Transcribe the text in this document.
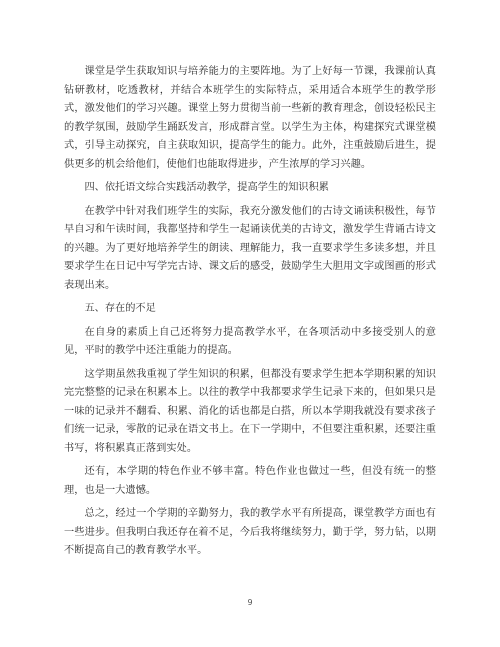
课堂是学生获取知识与培养能力的主要阵地。为了上好每一节课，我课前认真钻研教材，吃透教材，并结合本班学生的实际特点，采用适合本班学生的教学形式，激发他们的学习兴趣。课堂上努力贯彻当前一些新的教育理念，创设轻松民主的教学氛围，鼓励学生踊跃发言，形成群言堂。以学生为主体，构建探究式课堂模式，引导主动探究，自主获取知识，提高学生的能力。此外，注重鼓励后进生，提供更多的机会给他们，使他们也能取得进步，产生浓厚的学习兴趣。

四、依托语文综合实践活动教学，提高学生的知识积累

在教学中针对我们班学生的实际，我充分激发他们的古诗文诵读积极性，每节早自习和午读时间，我都坚持和学生一起诵读优美的古诗文，激发学生背诵古诗文的兴趣。为了更好地培养学生的朗读、理解能力，我一直要求学生多读多想，并且要求学生在日记中写学完古诗、课文后的感受，鼓励学生大胆用文字或图画的形式表现出来。

五、存在的不足

在自身的素质上自己还将努力提高教学水平，在各项活动中多接受别人的意见，平时的教学中还注重能力的提高。

这学期虽然我重视了学生知识的积累，但都没有要求学生把本学期积累的知识完完整整的记录在积累本上。以往的教学中我都要求学生记录下来的，但如果只是一味的记录并不翻看、积累、消化的话也都是白搭，所以本学期我就没有要求孩子们统一记录，零散的记录在语文书上。在下一学期中，不但要注重积累，还要注重书写，将积累真正落到实处。

还有，本学期的特色作业不够丰富。特色作业也做过一些，但没有统一的整理，也是一大遗憾。

总之，经过一个学期的辛勤努力，我的教学水平有所提高，课堂教学方面也有一些进步。但我明白我还存在着不足，今后我将继续努力，勤于学，努力钻，以期不断提高自己的教育教学水平。

9
